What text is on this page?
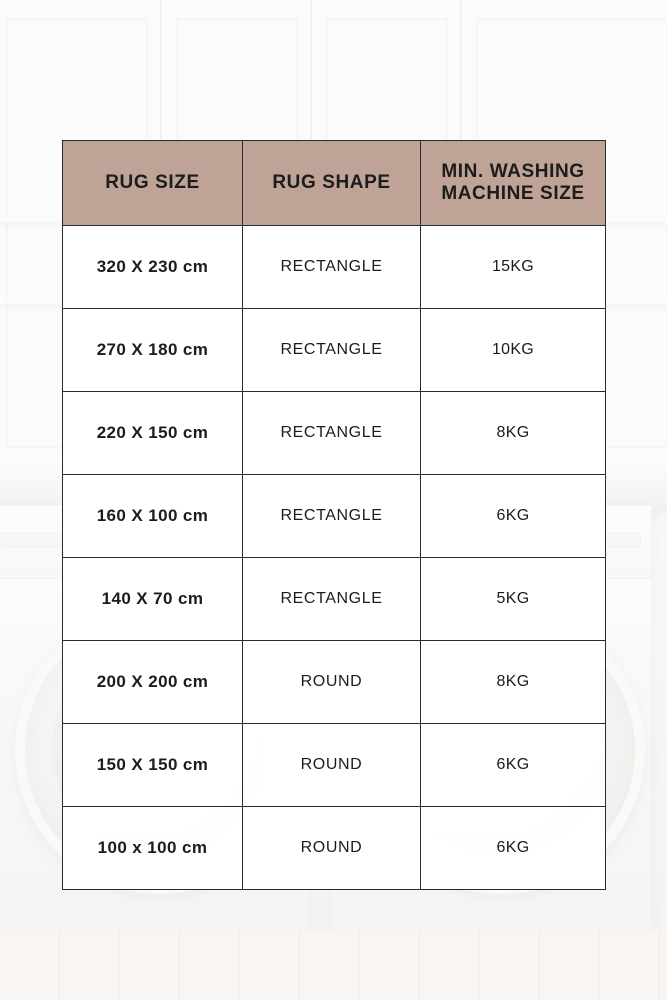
RUG SIZE	RUG SHAPE	MIN. WASHING
MACHINE SIZE

320 X 230 cm	RECTANGLE	15KG
270 X 180 cm	RECTANGLE	10KG
220 X 150 cm	RECTANGLE	8KG
160 X 100 cm	RECTANGLE	6KG
140 X 70 cm	RECTANGLE	5KG
200 X 200 cm	ROUND	8KG
150 X 150 cm	ROUND	6KG
100 x 100 cm	ROUND	6KG
